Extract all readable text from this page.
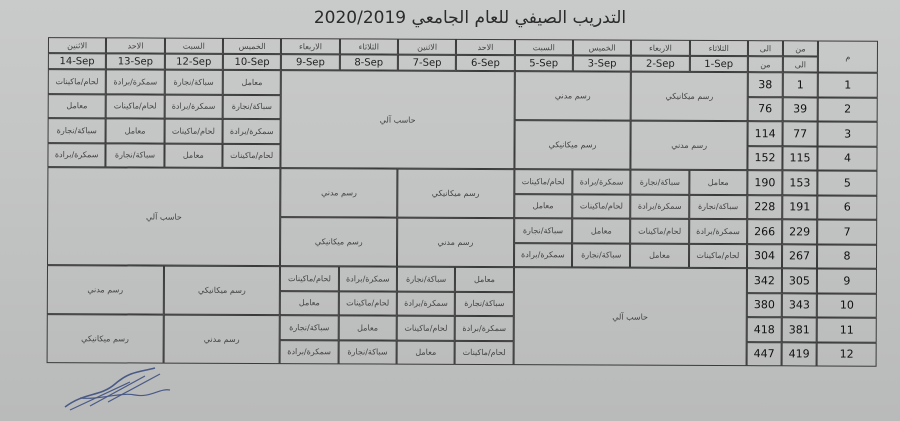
التدريب الصيفي للعام الجامعي 2020/2019
م
من
الى
الى
من
الثلاثاء
1-Sep
الاربعاء
2-Sep
الخميس
3-Sep
السبت
5-Sep
الاحد
6-Sep
الاثنين
7-Sep
الثلاثاء
8-Sep
الاربعاء
9-Sep
الخميس
10-Sep
السبت
12-Sep
الاحد
13-Sep
الاثنين
14-Sep
1
1
38
2
39
76
3
77
114
4
115
152
5
153
190
6
191
228
7
229
266
8
267
304
9
305
342
10
343
380
11
381
418
12
419
447
رسم ميكانيكي
رسم مدني
رسم مدني
رسم ميكانيكي
حاسب آلي
معامل
سباكة/نجارة
سمكرة/برادة
لحام/ماكينات
سباكة/نجارة
سمكرة/برادة
لحام/ماكينات
معامل
سمكرة/برادة
لحام/ماكينات
معامل
سباكة/نجارة
لحام/ماكينات
معامل
سباكة/نجارة
سمكرة/برادة
معامل
سباكة/نجارة
سمكرة/برادة
لحام/ماكينات
سباكة/نجارة
سمكرة/برادة
لحام/ماكينات
معامل
سمكرة/برادة
لحام/ماكينات
معامل
سباكة/نجارة
لحام/ماكينات
معامل
سباكة/نجارة
سمكرة/برادة
رسم ميكانيكي
رسم مدني
رسم مدني
رسم ميكانيكي
حاسب آلي
حاسب آلي
معامل
سباكة/نجارة
سمكرة/برادة
لحام/ماكينات
سباكة/نجارة
سمكرة/برادة
لحام/ماكينات
معامل
سمكرة/برادة
لحام/ماكينات
معامل
سباكة/نجارة
لحام/ماكينات
معامل
سباكة/نجارة
سمكرة/برادة
رسم ميكانيكي
رسم مدني
رسم مدني
رسم ميكانيكي
